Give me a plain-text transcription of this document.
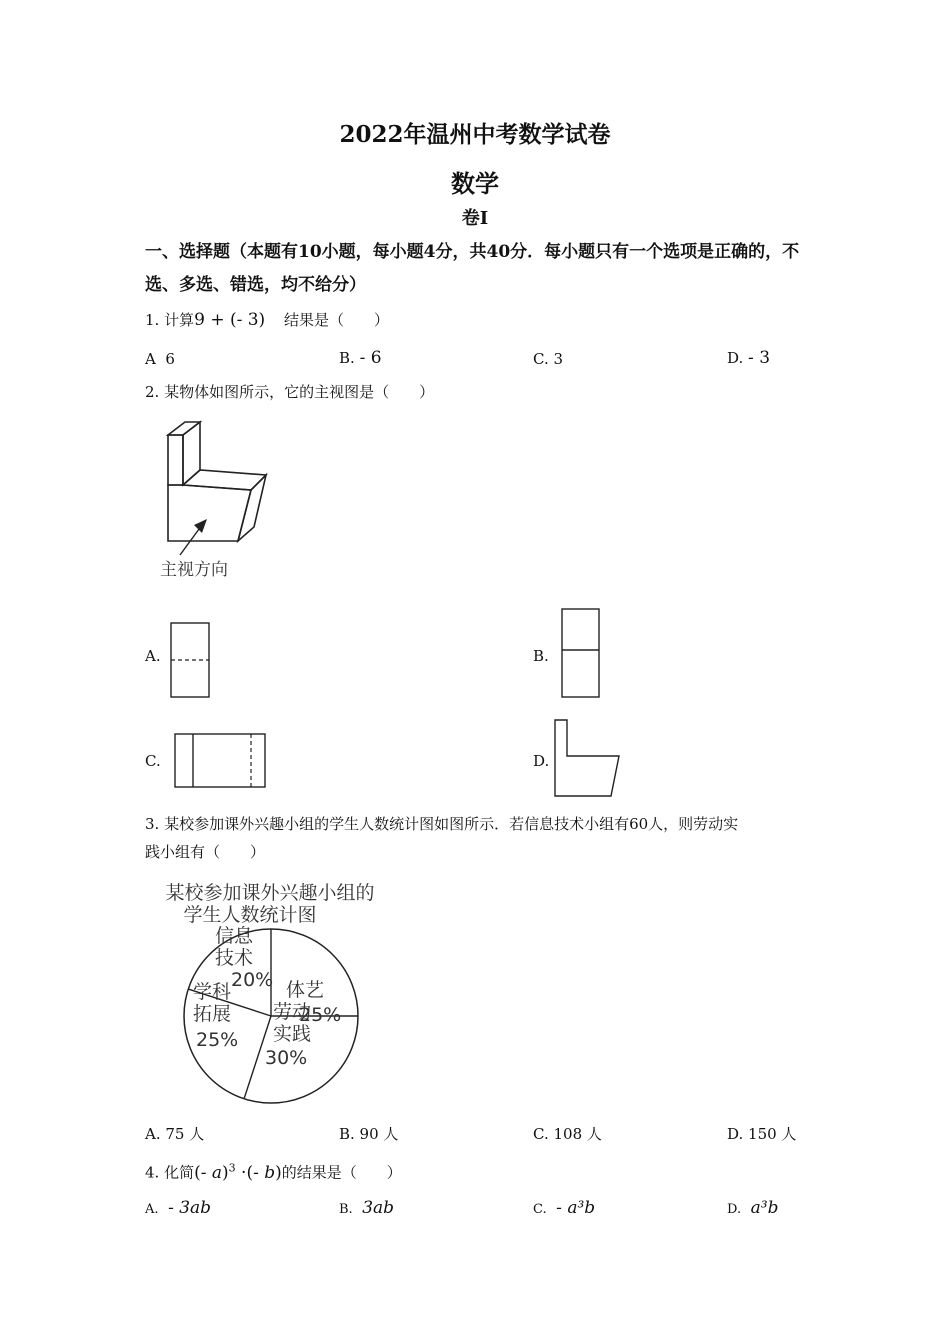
2022年温州中考数学试卷
数学
卷Ⅰ
一、选择题（本题有10小题，每小题4分，共40分．每小题只有一个选项是正确的，不选、多选、错选，均不给分）
1. 计算9 + (- 3) 结果是（　　）
A 6	B. - 6	C. 3	D. - 3
2. 某物体如图所示，它的主视图是（　　）
主视方向
A.	B.
C.	D.
3. 某校参加课外兴趣小组的学生人数统计图如图所示．若信息技术小组有60人，则劳动实
践小组有（　　）
某校参加课外兴趣小组的
学生人数统计图
体艺
25%
劳动
实践
30%
学科
拓展
25%
信息
技术
20%
A. 75 人	B. 90 人	C. 108 人	D. 150 人
4. 化简(- a)$^3$ ·(- b)的结果是（　　）
A. - 3ab	B. 3ab	C. - a³b	D. a³b
